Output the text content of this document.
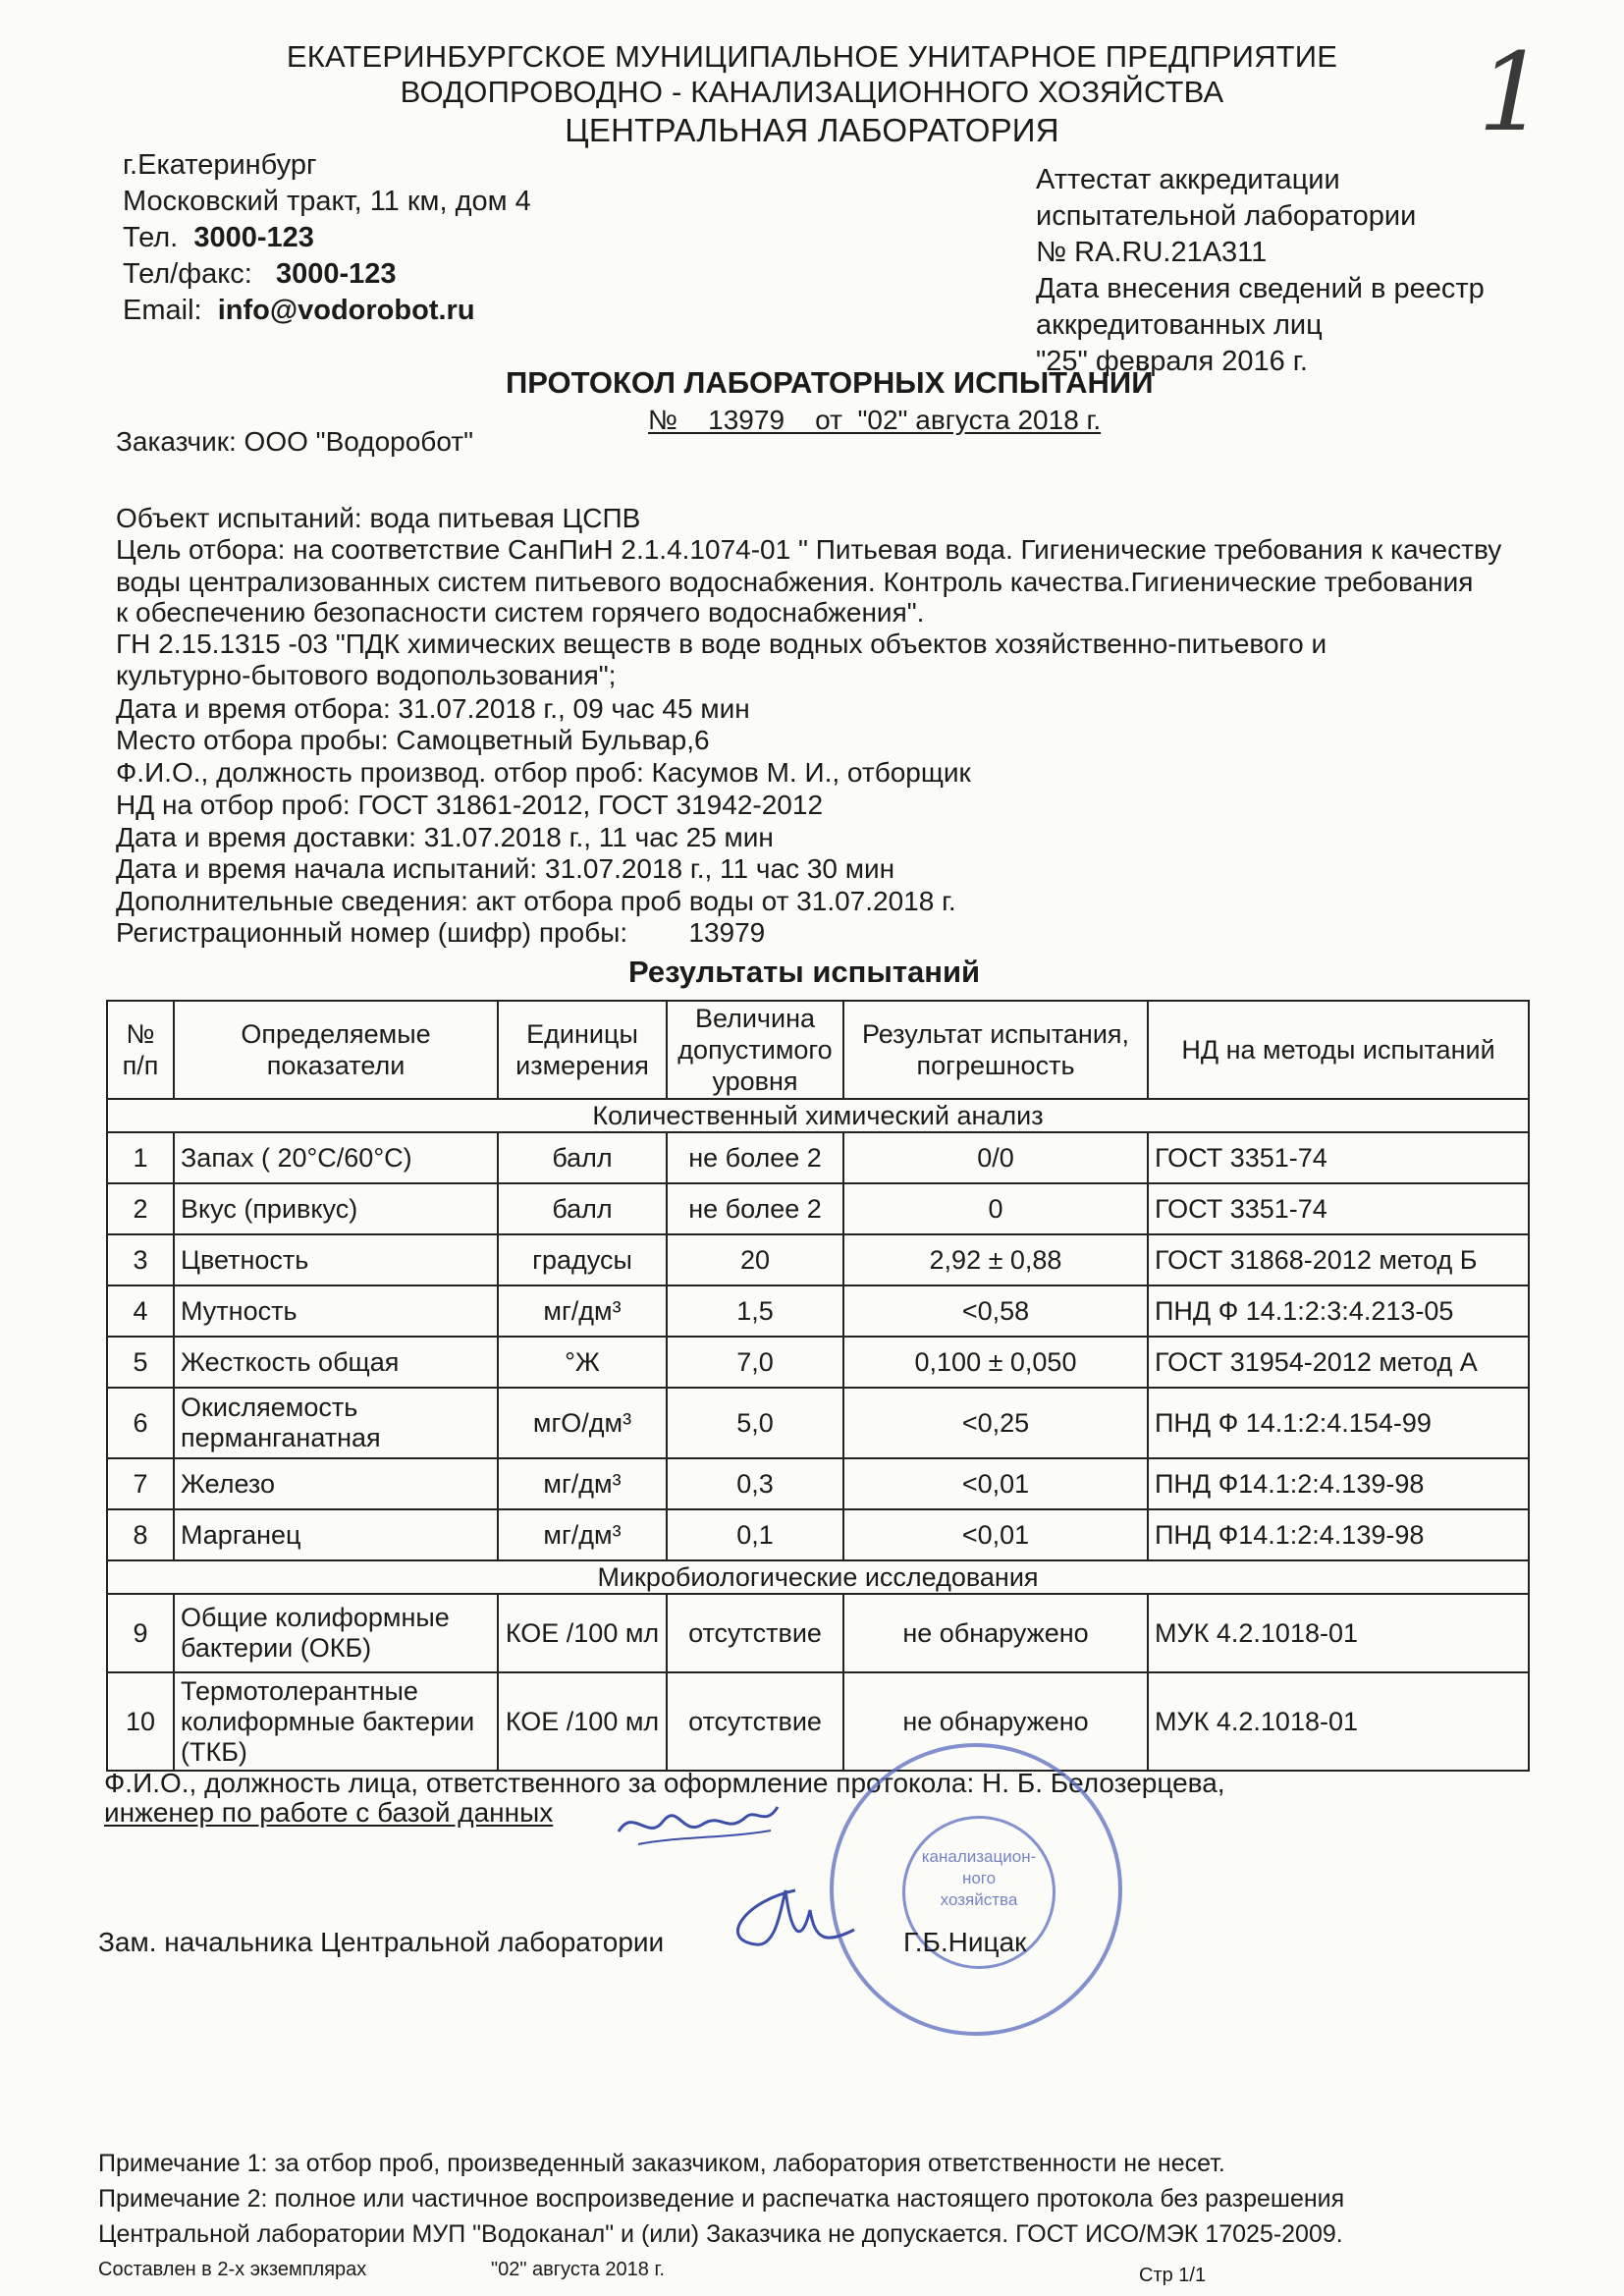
ЕКАТЕРИНБУРГСКОЕ МУНИЦИПАЛЬНОЕ УНИТАРНОЕ ПРЕДПРИЯТИЕ
ВОДОПРОВОДНО - КАНАЛИЗАЦИОННОГО ХОЗЯЙСТВА
ЦЕНТРАЛЬНАЯ ЛАБОРАТОРИЯ	1
г.Екатеринбург
Московский тракт, 11 км, дом 4
Тел. 3000-123
Тел/факс: 3000-123
Email: info@vodorobot.ru
Аттестат аккредитации
испытательной лаборатории
№ RA.RU.21A311
Дата внесения сведений в реестр
аккредитованных лиц
"25" февраля 2016 г.
ПРОТОКОЛ ЛАБОРАТОРНЫХ ИСПЫТАНИЙ
№    13979    от  "02" августа 2018 г.
Заказчик: ООО "Водоробот"
Объект испытаний: вода питьевая ЦСПВ
Цель отбора: на соответствие СанПиН 2.1.4.1074-01 " Питьевая вода. Гигиенические требования к качеству
воды централизованных систем питьевого водоснабжения. Контроль качества.Гигиенические требования
к обеспечению безопасности систем горячего водоснабжения".
ГН 2.15.1315 -03 "ПДК химических веществ в воде водных объектов хозяйственно-питьевого и
культурно-бытового водопользования";
Дата и время отбора: 31.07.2018 г., 09 час 45 мин
Место отбора пробы: Самоцветный Бульвар,6
Ф.И.О., должность производ. отбор проб: Касумов М. И., отборщик
НД на отбор проб: ГОСТ 31861-2012, ГОСТ 31942-2012
Дата и время доставки: 31.07.2018 г., 11 час 25 мин
Дата и время начала испытаний: 31.07.2018 г., 11 час 30 мин
Дополнительные сведения: акт отбора проб воды от 31.07.2018 г.
Регистрационный номер (шифр) пробы:        13979
Результаты испытаний
№ п/п	Определяемые показатели	Единицы измерения	Величина допустимого уровня	Результат испытания, погрешность	НД на методы испытаний
Количественный химический анализ					
1	Запах ( 20°С/60°С)	балл	не более 2	0/0	ГОСТ 3351-74
2	Вкус (привкус)	балл	не более 2	0	ГОСТ 3351-74
3	Цветность	градусы	20	2,92 ± 0,88	ГОСТ 31868-2012 метод Б
4	Мутность	мг/дм³	1,5	<0,58	ПНД Ф 14.1:2:3:4.213-05
5	Жесткость общая	°Ж	7,0	0,100 ± 0,050	ГОСТ 31954-2012 метод А
6	Окисляемость перманганатная	мгО/дм³	5,0	<0,25	ПНД Ф 14.1:2:4.154-99
7	Железо	мг/дм³	0,3	<0,01	ПНД Ф14.1:2:4.139-98
8	Марганец	мг/дм³	0,1	<0,01	ПНД Ф14.1:2:4.139-98
Микробиологические исследования					
9	Общие колиформные бактерии (ОКБ)	КОЕ /100 мл	отсутствие	не обнаружено	МУК 4.2.1018-01
10	Термотолерантные колиформные бактерии (ТКБ)	КОЕ /100 мл	отсутствие	не обнаружено	МУК 4.2.1018-01
Ф.И.О., должность лица, ответственного за оформление протокола: Н. Б. Белозерцева,
инженер по работе с базой данных
Зам. начальника Центральной лаборатории
канализацион-
ного
хозяйства
Г.Б.Ницак
Примечание 1: за отбор проб, произведенный заказчиком, лаборатория ответственности не несет.
Примечание 2: полное или частичное воспроизведение и распечатка настоящего протокола без разрешения
Центральной лаборатории МУП "Водоканал" и (или) Заказчика не допускается. ГОСТ ИСО/МЭК 17025-2009.
Составлен в 2-х экземплярах	"02" августа 2018 г.	Стр 1/1
